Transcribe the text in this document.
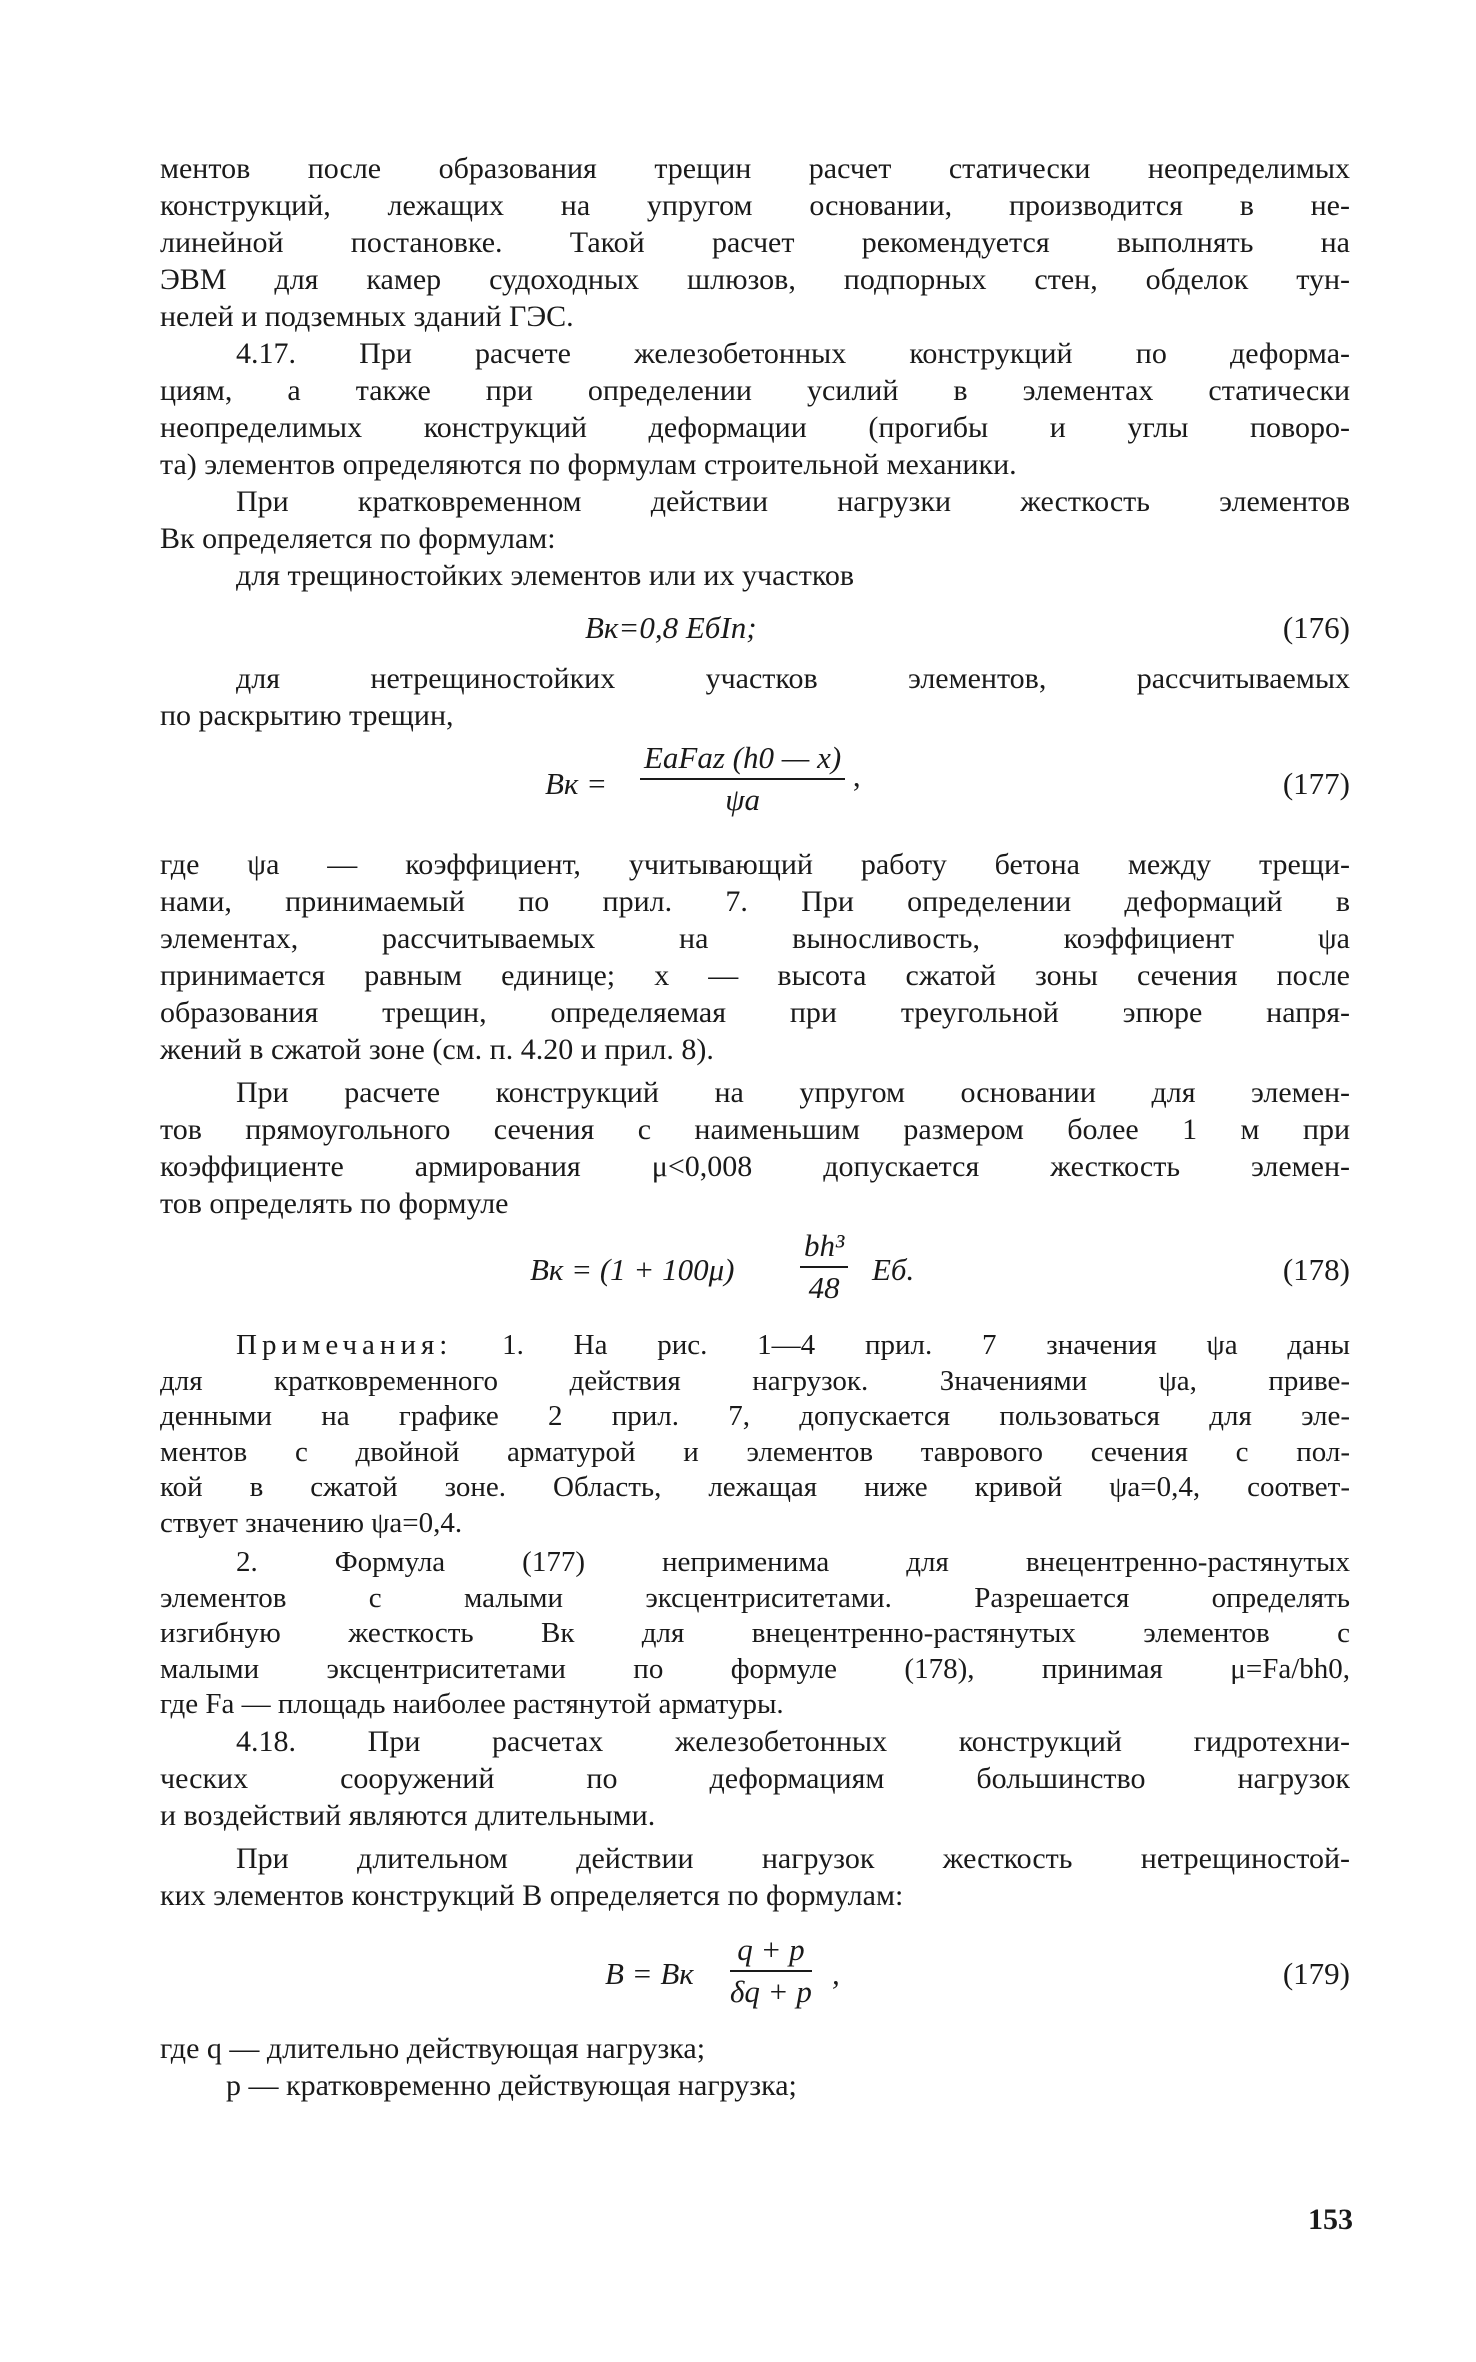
ментов после образования трещин расчет статически неопределимых
конструкций, лежащих на упругом основании, производится в не-
линейной постановке. Такой расчет рекомендуется выполнять на
ЭВМ для камер судоходных шлюзов, подпорных стен, обделок тун-
нелей и подземных зданий ГЭС.
4.17. При расчете железобетонных конструкций по деформа-
циям, а также при определении усилий в элементах статически
неопределимых конструкций деформации (прогибы и углы поворо-
та) элементов определяются по формулам строительной механики.
При кратковременном действии нагрузки жесткость элементов
Bк определяется по формулам:
для трещиностойких элементов или их участков
Bк=0,8 EбIп;	(176)
для нетрещиностойких участков элементов, рассчитываемых
по раскрытию трещин,
Bк = $\frac{\text{EаFаz (h0 — x)}}{\psi а}$ ,	(177)
где ψа — коэффициент, учитывающий работу бетона между трещи-
нами, принимаемый по прил. 7. При определении деформаций в
элементах, рассчитываемых на выносливость, коэффициент ψа
принимается равным единице; x — высота сжатой зоны сечения после
образования трещин, определяемая при треугольной эпюре напря-
жений в сжатой зоне (см. п. 4.20 и прил. 8).
При расчете конструкций на упругом основании для элемен-
тов прямоугольного сечения с наименьшим размером более 1 м при
коэффициенте армирования μ<0,008 допускается жесткость элемен-
тов определять по формуле
Bк = $(1 + 100\mu) \frac{\text{bh³}}{48}$ Eб.	(178)
Примечания: 1. На рис. 1—4 прил. 7 значения ψа даны
для кратковременного действия нагрузок. Значениями ψа, приве-
денными на графике 2 прил. 7, допускается пользоваться для эле-
ментов с двойной арматурой и элементов таврового сечения с пол-
кой в сжатой зоне. Область, лежащая ниже кривой ψа=0,4, соответ-
ствует значению ψа=0,4.
2. Формула (177) неприменима для внецентренно-растянутых
элементов с малыми эксцентриситетами. Разрешается определять
изгибную жесткость Bк для внецентренно-растянутых элементов с
малыми эксцентриситетами по формуле (178), принимая μ=Fа/bh0,
где Fа — площадь наиболее растянутой арматуры.
4.18. При расчетах железобетонных конструкций гидротехни-
ческих сооружений по деформациям большинство нагрузок
и воздействий являются длительными.
При длительном действии нагрузок жесткость нетрещиностой-
ких элементов конструкций B определяется по формулам:
B = Bк $\frac{q + p}{\delta q + p}$ ,	(179)
где q — длительно действующая нагрузка;
p — кратковременно действующая нагрузка;
153
